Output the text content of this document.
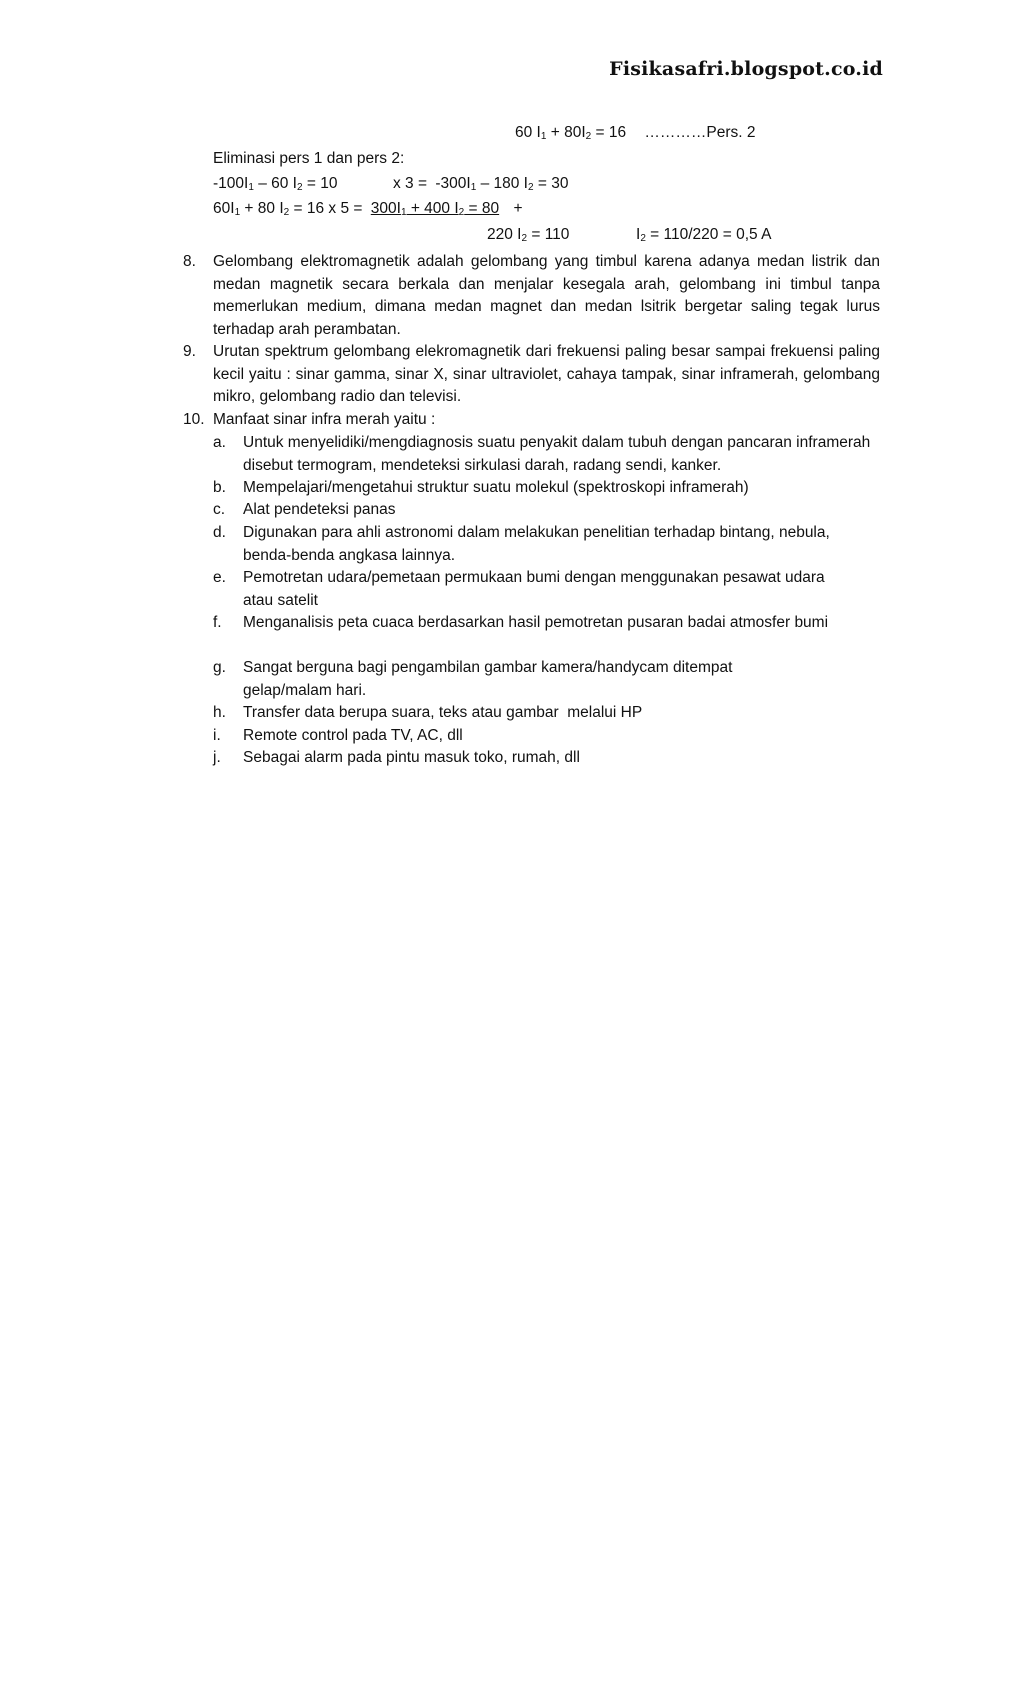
Fisikasafri.blogspot.co.id
60 $I_1 + 80I_2 = 16$ …………Pers. 2
Eliminasi pers 1 dan pers 2:
$-100I_1 - 60$ $I_2 = 10$	x $3 = -300I_1 - 180$ $I_2 = 30$
$60I_1 + 80$ $I_2 = 16$ x $5 = 300I_1 + 400$ $I_2 = 80$ +
220 $I_2 = 110$	$I_2 = 110/220 = 0,5$ A
8. Gelombang elektromagnetik adalah gelombang yang timbul karena adanya medan listrik dan medan magnetik secara berkala dan menjalar kesegala arah, gelombang ini timbul tanpa memerlukan medium, dimana medan magnet dan medan lsitrik bergetar saling tegak lurus terhadap arah perambatan.
9. Urutan spektrum gelombang elekromagnetik dari frekuensi paling besar sampai frekuensi paling kecil yaitu : sinar gamma, sinar X, sinar ultraviolet, cahaya tampak, sinar inframerah, gelombang mikro, gelombang radio dan televisi.
10. Manfaat sinar infra merah yaitu :
a. Untuk menyelidiki/mengdiagnosis suatu penyakit dalam tubuh dengan pancaran inframerah disebut termogram, mendeteksi sirkulasi darah, radang sendi, kanker.
b. Mempelajari/mengetahui struktur suatu molekul (spektroskopi inframerah)
c. Alat pendeteksi panas
d. Digunakan para ahli astronomi dalam melakukan penelitian terhadap bintang, nebula, benda-benda angkasa lainnya.
e. Pemotretan udara/pemetaan permukaan bumi dengan menggunakan pesawat udara atau satelit
f. Menganalisis peta cuaca berdasarkan hasil pemotretan pusaran badai atmosfer bumi
g. Sangat berguna bagi pengambilan gambar kamera/handycam ditempat gelap/malam hari.
h. Transfer data berupa suara, teks atau gambar  melalui HP
i. Remote control pada TV, AC, dll
j. Sebagai alarm pada pintu masuk toko, rumah, dll
